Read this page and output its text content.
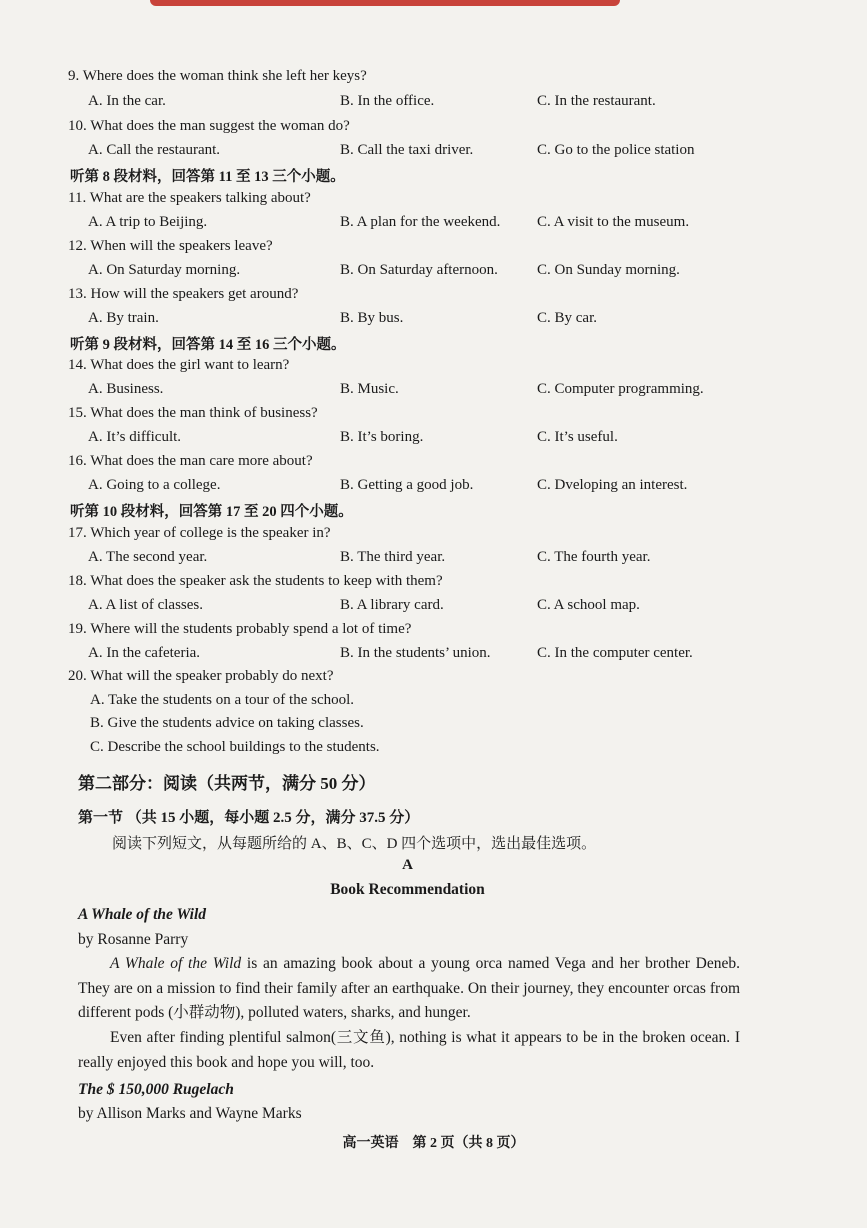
9. Where does the woman think she left her keys?
A. In the car.	B. In the office.	C. In the restaurant.
10. What does the man suggest the woman do?
A. Call the restaurant.	B. Call the taxi driver.	C. Go to the police station
听第 8 段材料，回答第 11 至 13 三个小题。
11. What are the speakers talking about?
A. A trip to Beijing.	B. A plan for the weekend. C. A visit to the museum.
12. When will the speakers leave?
A. On Saturday morning.	B. On Saturday afternoon.	C. On Sunday morning.
13. How will the speakers get around?
A. By train.	B. By bus.	C. By car.
听第 9 段材料，回答第 14 至 16 三个小题。
14. What does the girl want to learn?
A. Business.	B. Music.	C. Computer programming.
15. What does the man think of business?
A. It’s difficult.	B. It’s boring.	C. It’s useful.
16. What does the man care more about?
A. Going to a college.	B. Getting a good job.	C. Dveloping an interest.
听第 10 段材料，回答第 17 至 20 四个小题。
17. Which year of college is the speaker in?
A. The second year.	B. The third year.	C. The fourth year.
18. What does the speaker ask the students to keep with them?
A. A list of classes.	B. A library card.	C. A school map.
19. Where will the students probably spend a lot of time?
A. In the cafeteria.	B. In the students’ union.	C. In the computer center.
20. What will the speaker probably do next?
A. Take the students on a tour of the school.
B. Give the students advice on taking classes.
C. Describe the school buildings to the students.
第二部分：阅读（共两节，满分 50 分）
第一节 （共 15 小题，每小题 2.5 分，满分 37.5 分）
阅读下列短文，从每题所给的 A、B、C、D 四个选项中，选出最佳选项。
A
Book Recommendation
A Whale of the Wild
by Rosanne Parry
A Whale of the Wild is an amazing book about a young orca named Vega and her brother Deneb. They are on a mission to find their family after an earthquake. On their journey, they encounter orcas from different pods (小群动物), polluted waters, sharks, and hunger.
Even after finding plentiful salmon(三文鱼), nothing is what it appears to be in the broken ocean. I really enjoyed this book and hope you will, too.
The $ 150,000 Rugelach
by Allison Marks and Wayne Marks
高一英语　第 2 页（共 8 页）
